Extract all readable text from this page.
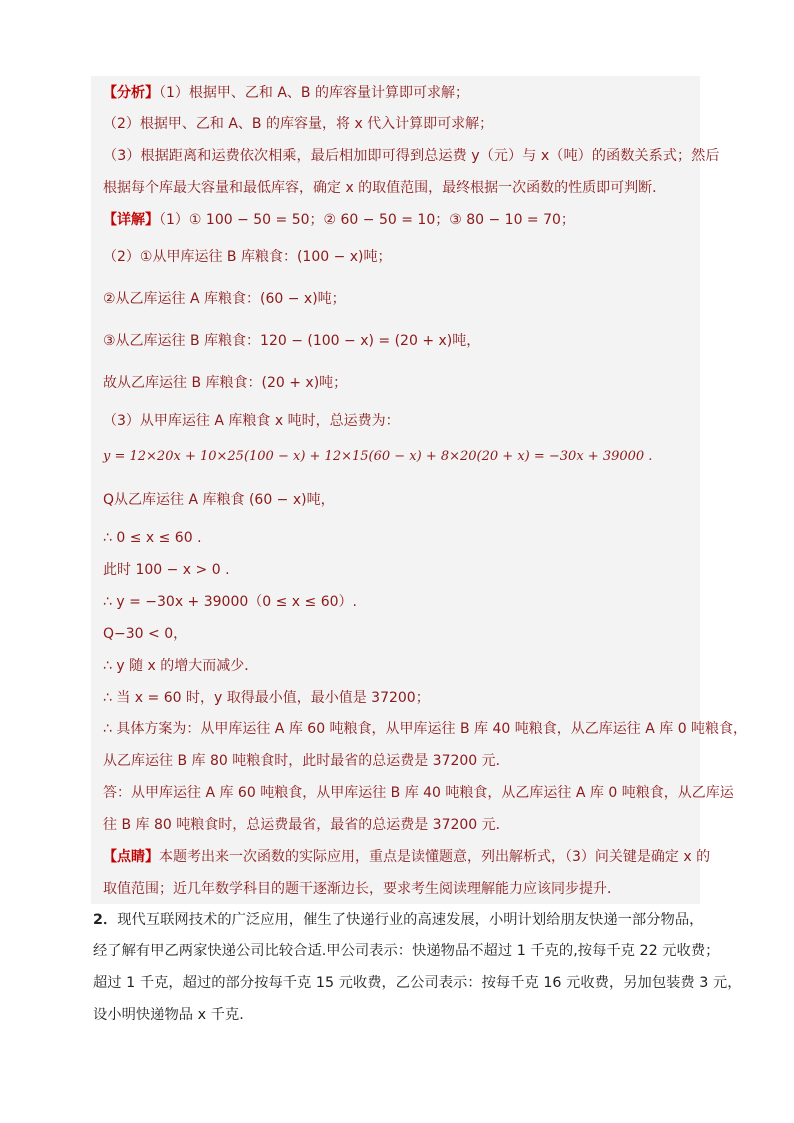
【分析】（1）根据甲、乙和 A、B 的库容量计算即可求解；
（2）根据甲、乙和 A、B 的库容量，将 x 代入计算即可求解；
（3）根据距离和运费依次相乘，最后相加即可得到总运费 y（元）与 x（吨）的函数关系式；然后
根据每个库最大容量和最低库容，确定 x 的取值范围，最终根据一次函数的性质即可判断．
【详解】（1）① 100 − 50 = 50；② 60 − 50 = 10；③ 80 − 10 = 70；
（2）①从甲库运往 B 库粮食：(100 − x)吨；
②从乙库运往 A 库粮食：(60 − x)吨；
③从乙库运往 B 库粮食：120 − (100 − x) = (20 + x)吨，
故从乙库运往 B 库粮食：(20 + x)吨；
（3）从甲库运往 A 库粮食 x 吨时，总运费为：
y = 12×20x + 10×25(100 − x) + 12×15(60 − x) + 8×20(20 + x) = −30x + 39000 .
Q从乙库运往 A 库粮食 (60 − x)吨，
∴ 0 ≤ x ≤ 60 .
此时 100 − x > 0 .
∴ y = −30x + 39000（0 ≤ x ≤ 60）.
Q−30 < 0，
∴ y 随 x 的增大而减少．
∴ 当 x = 60 时，y 取得最小值，最小值是 37200；
∴ 具体方案为：从甲库运往 A 库 60 吨粮食，从甲库运往 B 库 40 吨粮食，从乙库运往 A 库 0 吨粮食，
从乙库运往 B 库 80 吨粮食时，此时最省的总运费是 37200 元．
答：从甲库运往 A 库 60 吨粮食，从甲库运往 B 库 40 吨粮食，从乙库运往 A 库 0 吨粮食，从乙库运
往 B 库 80 吨粮食时，总运费最省，最省的总运费是 37200 元．
【点睛】本题考出来一次函数的实际应用，重点是读懂题意，列出解析式，（3）问关键是确定 x 的
取值范围；近几年数学科目的题干逐渐边长，要求考生阅读理解能力应该同步提升．
2．现代互联网技术的广泛应用，催生了快递行业的高速发展，小明计划给朋友快递一部分物品，
经了解有甲乙两家快递公司比较合适.甲公司表示：快递物品不超过 1 千克的,按每千克 22 元收费；
超过 1 千克，超过的部分按每千克 15 元收费，乙公司表示：按每千克 16 元收费，另加包装费 3 元，
设小明快递物品 x 千克.
